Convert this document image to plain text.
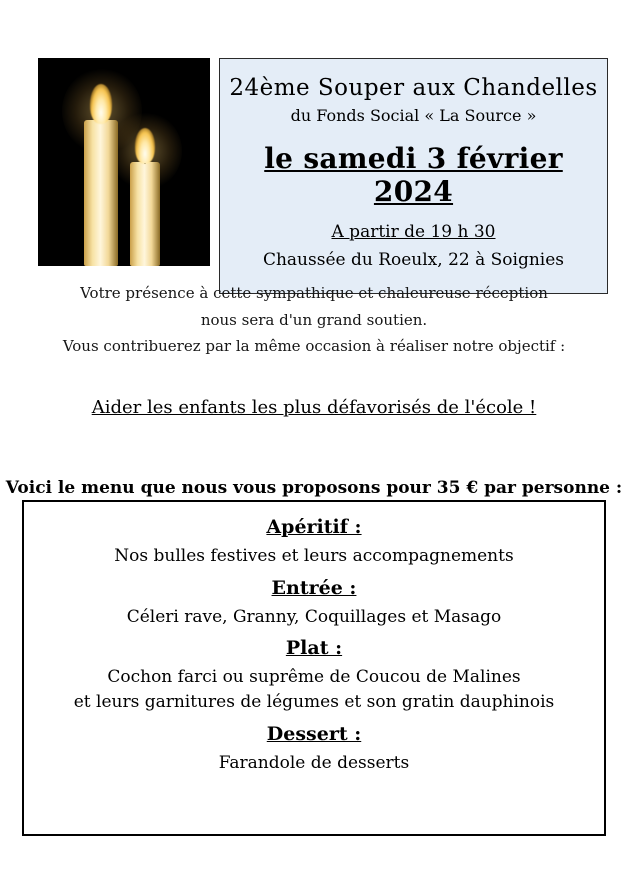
24ème Souper aux Chandelles
du Fonds Social « La Source »
le samedi 3 février 2024
A partir de 19 h 30
Chaussée du Roeulx, 22 à Soignies
Votre présence à cette sympathique et chaleureuse réception
nous sera d'un grand soutien.
Vous contribuerez par la même occasion à réaliser notre objectif :
Aider les enfants les plus défavorisés de l'école !
Voici le menu que nous vous proposons pour 35 € par personne :
Apéritif :
Nos bulles festives et leurs accompagnements
Entrée :
Céleri rave, Granny, Coquillages et Masago
Plat :
Cochon farci ou suprême de Coucou de Malines
et leurs garnitures de légumes et son gratin dauphinois
Dessert :
Farandole de desserts
